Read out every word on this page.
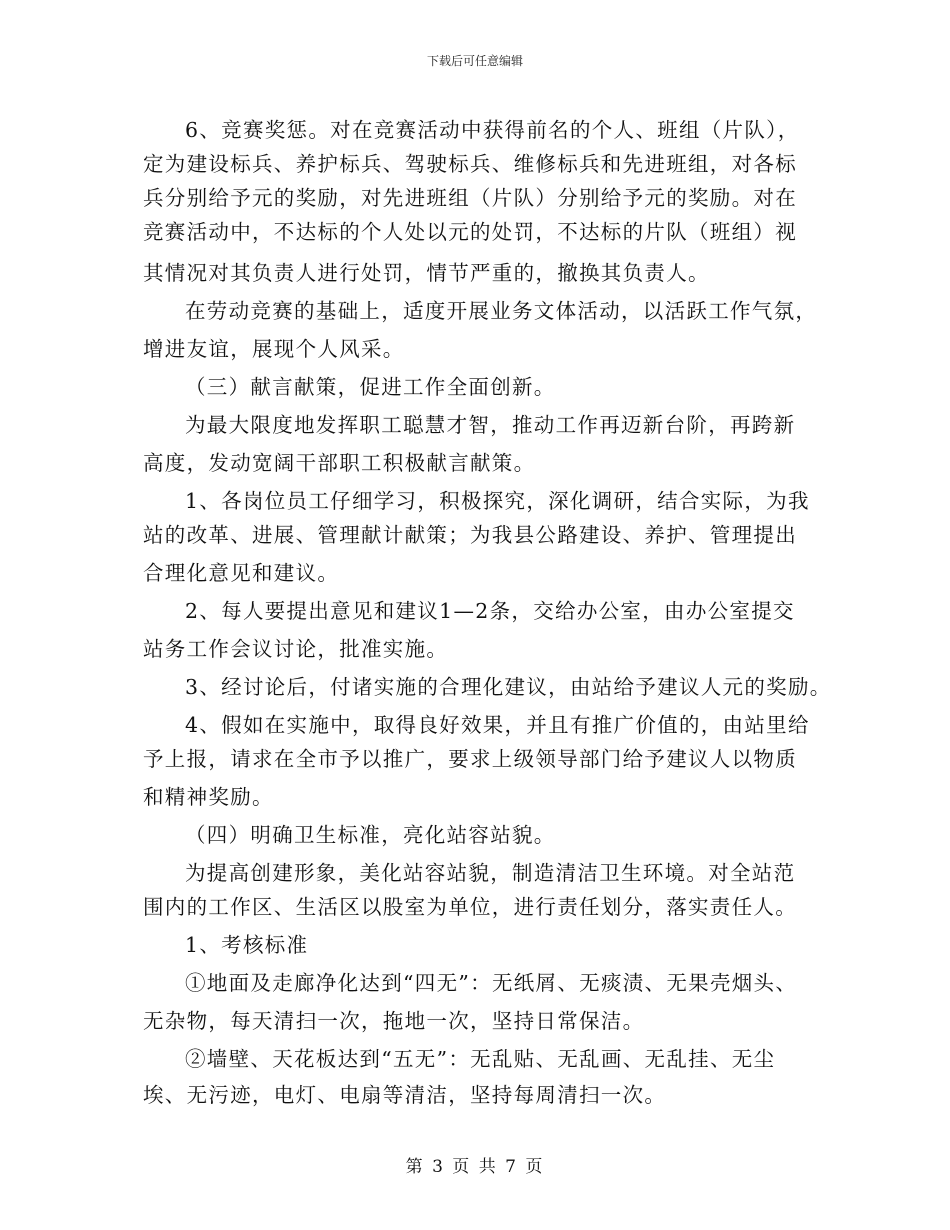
下载后可任意编辑
6、竞赛奖惩。对在竞赛活动中获得前名的个人、班组（片队），
定为建设标兵、养护标兵、驾驶标兵、维修标兵和先进班组，对各标
兵分别给予元的奖励，对先进班组（片队）分别给予元的奖励。对在
竞赛活动中，不达标的个人处以元的处罚，不达标的片队（班组）视
其情况对其负责人进行处罚，情节严重的，撤换其负责人。
在劳动竞赛的基础上，适度开展业务文体活动，以活跃工作气氛，
增进友谊，展现个人风采。
（三）献言献策，促进工作全面创新。
为最大限度地发挥职工聪慧才智，推动工作再迈新台阶，再跨新
高度，发动宽阔干部职工积极献言献策。
1、各岗位员工仔细学习，积极探究，深化调研，结合实际，为我
站的改革、进展、管理献计献策；为我县公路建设、养护、管理提出
合理化意见和建议。
2、每人要提出意见和建议1—2条，交给办公室，由办公室提交
站务工作会议讨论，批准实施。
3、经讨论后，付诸实施的合理化建议，由站给予建议人元的奖励。
4、假如在实施中，取得良好效果，并且有推广价值的，由站里给
予上报，请求在全市予以推广，要求上级领导部门给予建议人以物质
和精神奖励。
（四）明确卫生标准，亮化站容站貌。
为提高创建形象，美化站容站貌，制造清洁卫生环境。对全站范
围内的工作区、生活区以股室为单位，进行责任划分，落实责任人。
1、考核标准
①地面及走廊净化达到“四无”：无纸屑、无痰渍、无果壳烟头、
无杂物，每天清扫一次，拖地一次，坚持日常保洁。
②墙壁、天花板达到“五无”：无乱贴、无乱画、无乱挂、无尘
埃、无污迹，电灯、电扇等清洁，坚持每周清扫一次。
第 3 页 共 7 页
